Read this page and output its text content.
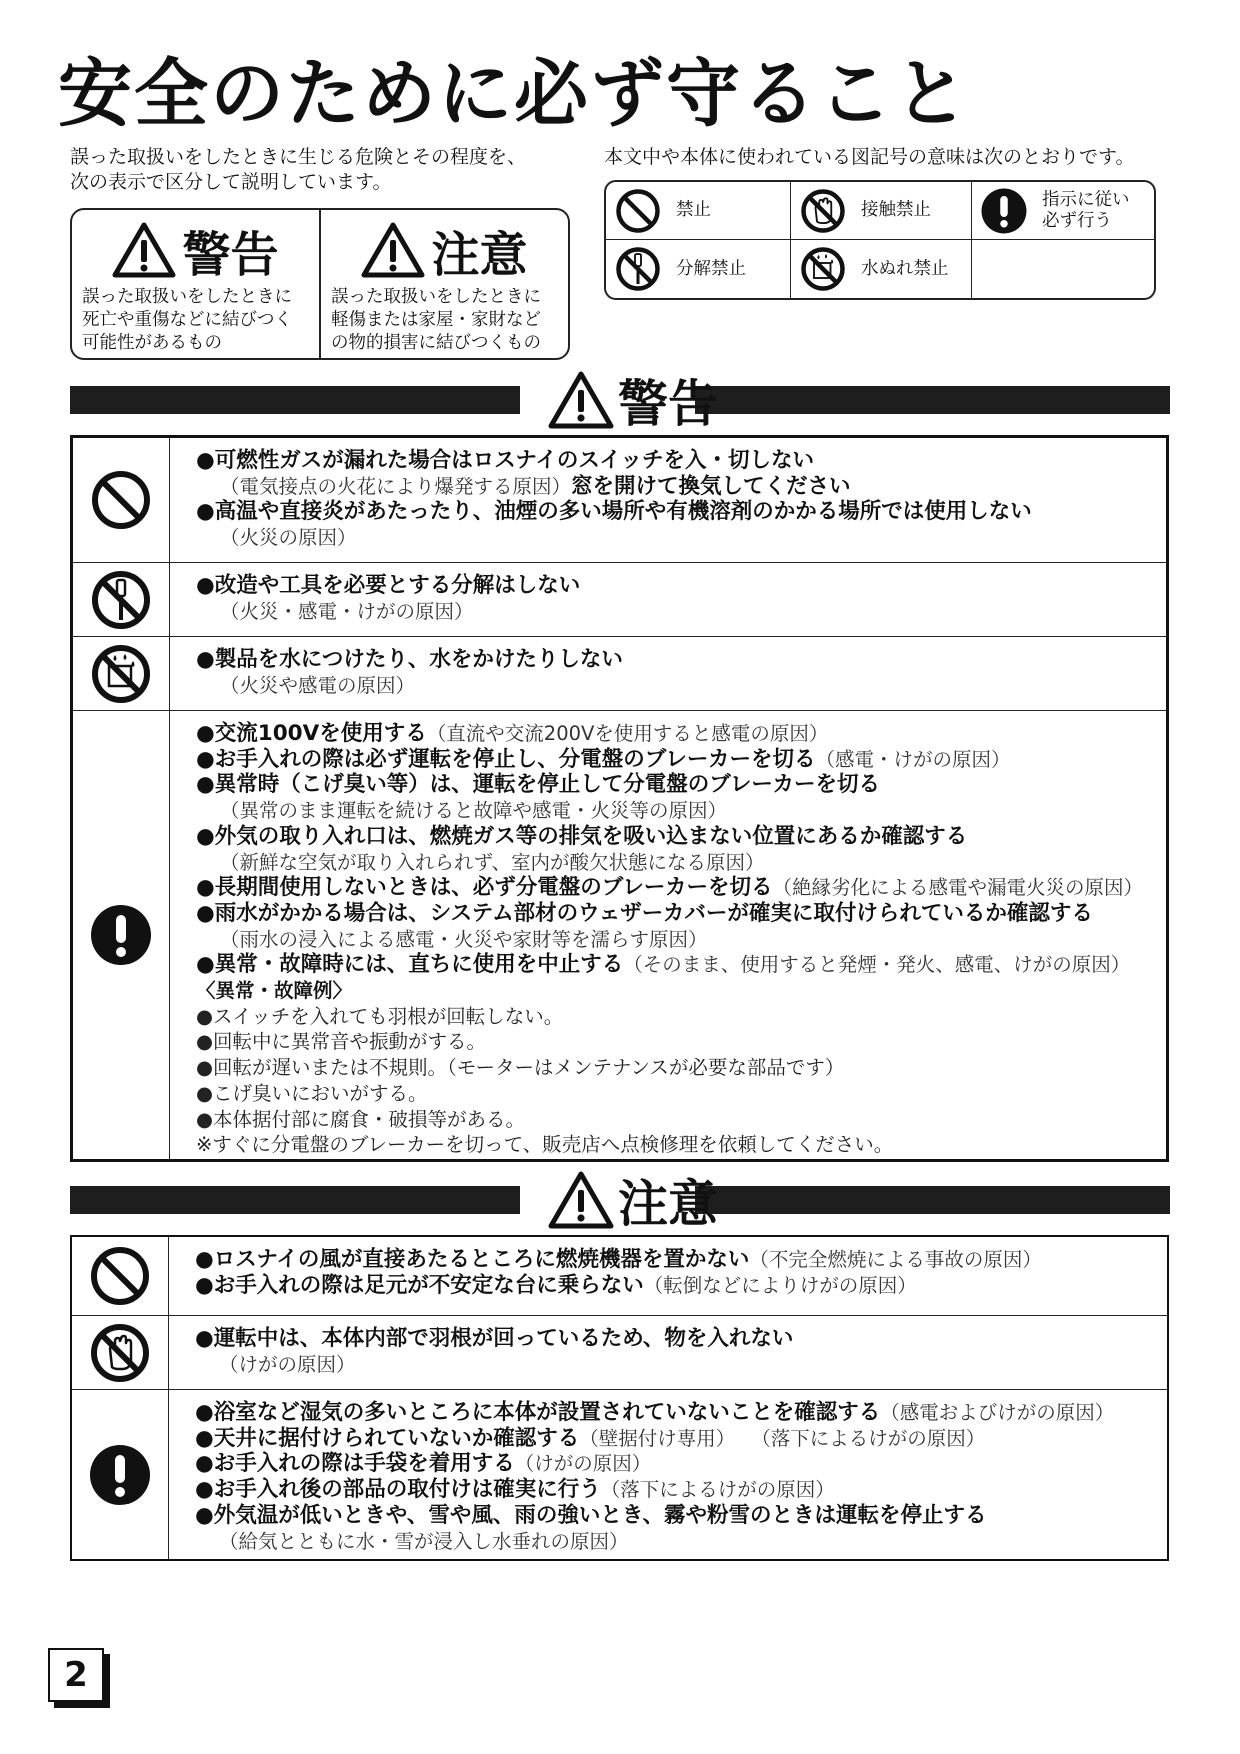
安全のために必ず守ること
誤った取扱いをしたときに生じる危険とその程度を、
次の表示で区分して説明しています。
本文中や本体に使われている図記号の意味は次のとおりです。
警告
誤った取扱いをしたときに
死亡や重傷などに結びつく
可能性があるもの
注意
誤った取扱いをしたときに
軽傷または家屋・家財など
の物的損害に結びつくもの
禁止	接触禁止
指示に従い 必ず行う
分解禁止	水ぬれ禁止
警告
●可燃性ガスが漏れた場合はロスナイのスイッチを入・切しない
（電気接点の火花により爆発する原因）窓を開けて換気してください
●高温や直接炎があたったり、油煙の多い場所や有機溶剤のかかる場所では使用しない
（火災の原因）
●改造や工具を必要とする分解はしない
（火災・感電・けがの原因）
●製品を水につけたり、水をかけたりしない
（火災や感電の原因）
●交流100Vを使用する（直流や交流200Vを使用すると感電の原因）
●お手入れの際は必ず運転を停止し、分電盤のブレーカーを切る（感電・けがの原因）
●異常時（こげ臭い等）は、運転を停止して分電盤のブレーカーを切る
（異常のまま運転を続けると故障や感電・火災等の原因）
●外気の取り入れ口は、燃焼ガス等の排気を吸い込まない位置にあるか確認する
（新鮮な空気が取り入れられず、室内が酸欠状態になる原因）
●長期間使用しないときは、必ず分電盤のブレーカーを切る（絶縁劣化による感電や漏電火災の原因）
●雨水がかかる場合は、システム部材のウェザーカバーが確実に取付けられているか確認する
（雨水の浸入による感電・火災や家財等を濡らす原因）
●異常・故障時には、直ちに使用を中止する（そのまま、使用すると発煙・発火、感電、けがの原因）
〈異常・故障例〉
●スイッチを入れても羽根が回転しない。
●回転中に異常音や振動がする。
●回転が遅いまたは不規則。（モーターはメンテナンスが必要な部品です）
●こげ臭いにおいがする。
●本体据付部に腐食・破損等がある。
※すぐに分電盤のブレーカーを切って、販売店へ点検修理を依頼してください。
注意
●ロスナイの風が直接あたるところに燃焼機器を置かない（不完全燃焼による事故の原因）
●お手入れの際は足元が不安定な台に乗らない（転倒などによりけがの原因）
●運転中は、本体内部で羽根が回っているため、物を入れない
（けがの原因）
●浴室など湿気の多いところに本体が設置されていないことを確認する（感電およびけがの原因）
●天井に据付けられていないか確認する（壁据付け専用）　 （落下によるけがの原因）
●お手入れの際は手袋を着用する（けがの原因）
●お手入れ後の部品の取付けは確実に行う（落下によるけがの原因）
●外気温が低いときや、雪や風、雨の強いとき、霧や粉雪のときは運転を停止する
（給気とともに水・雪が浸入し水垂れの原因）
2
